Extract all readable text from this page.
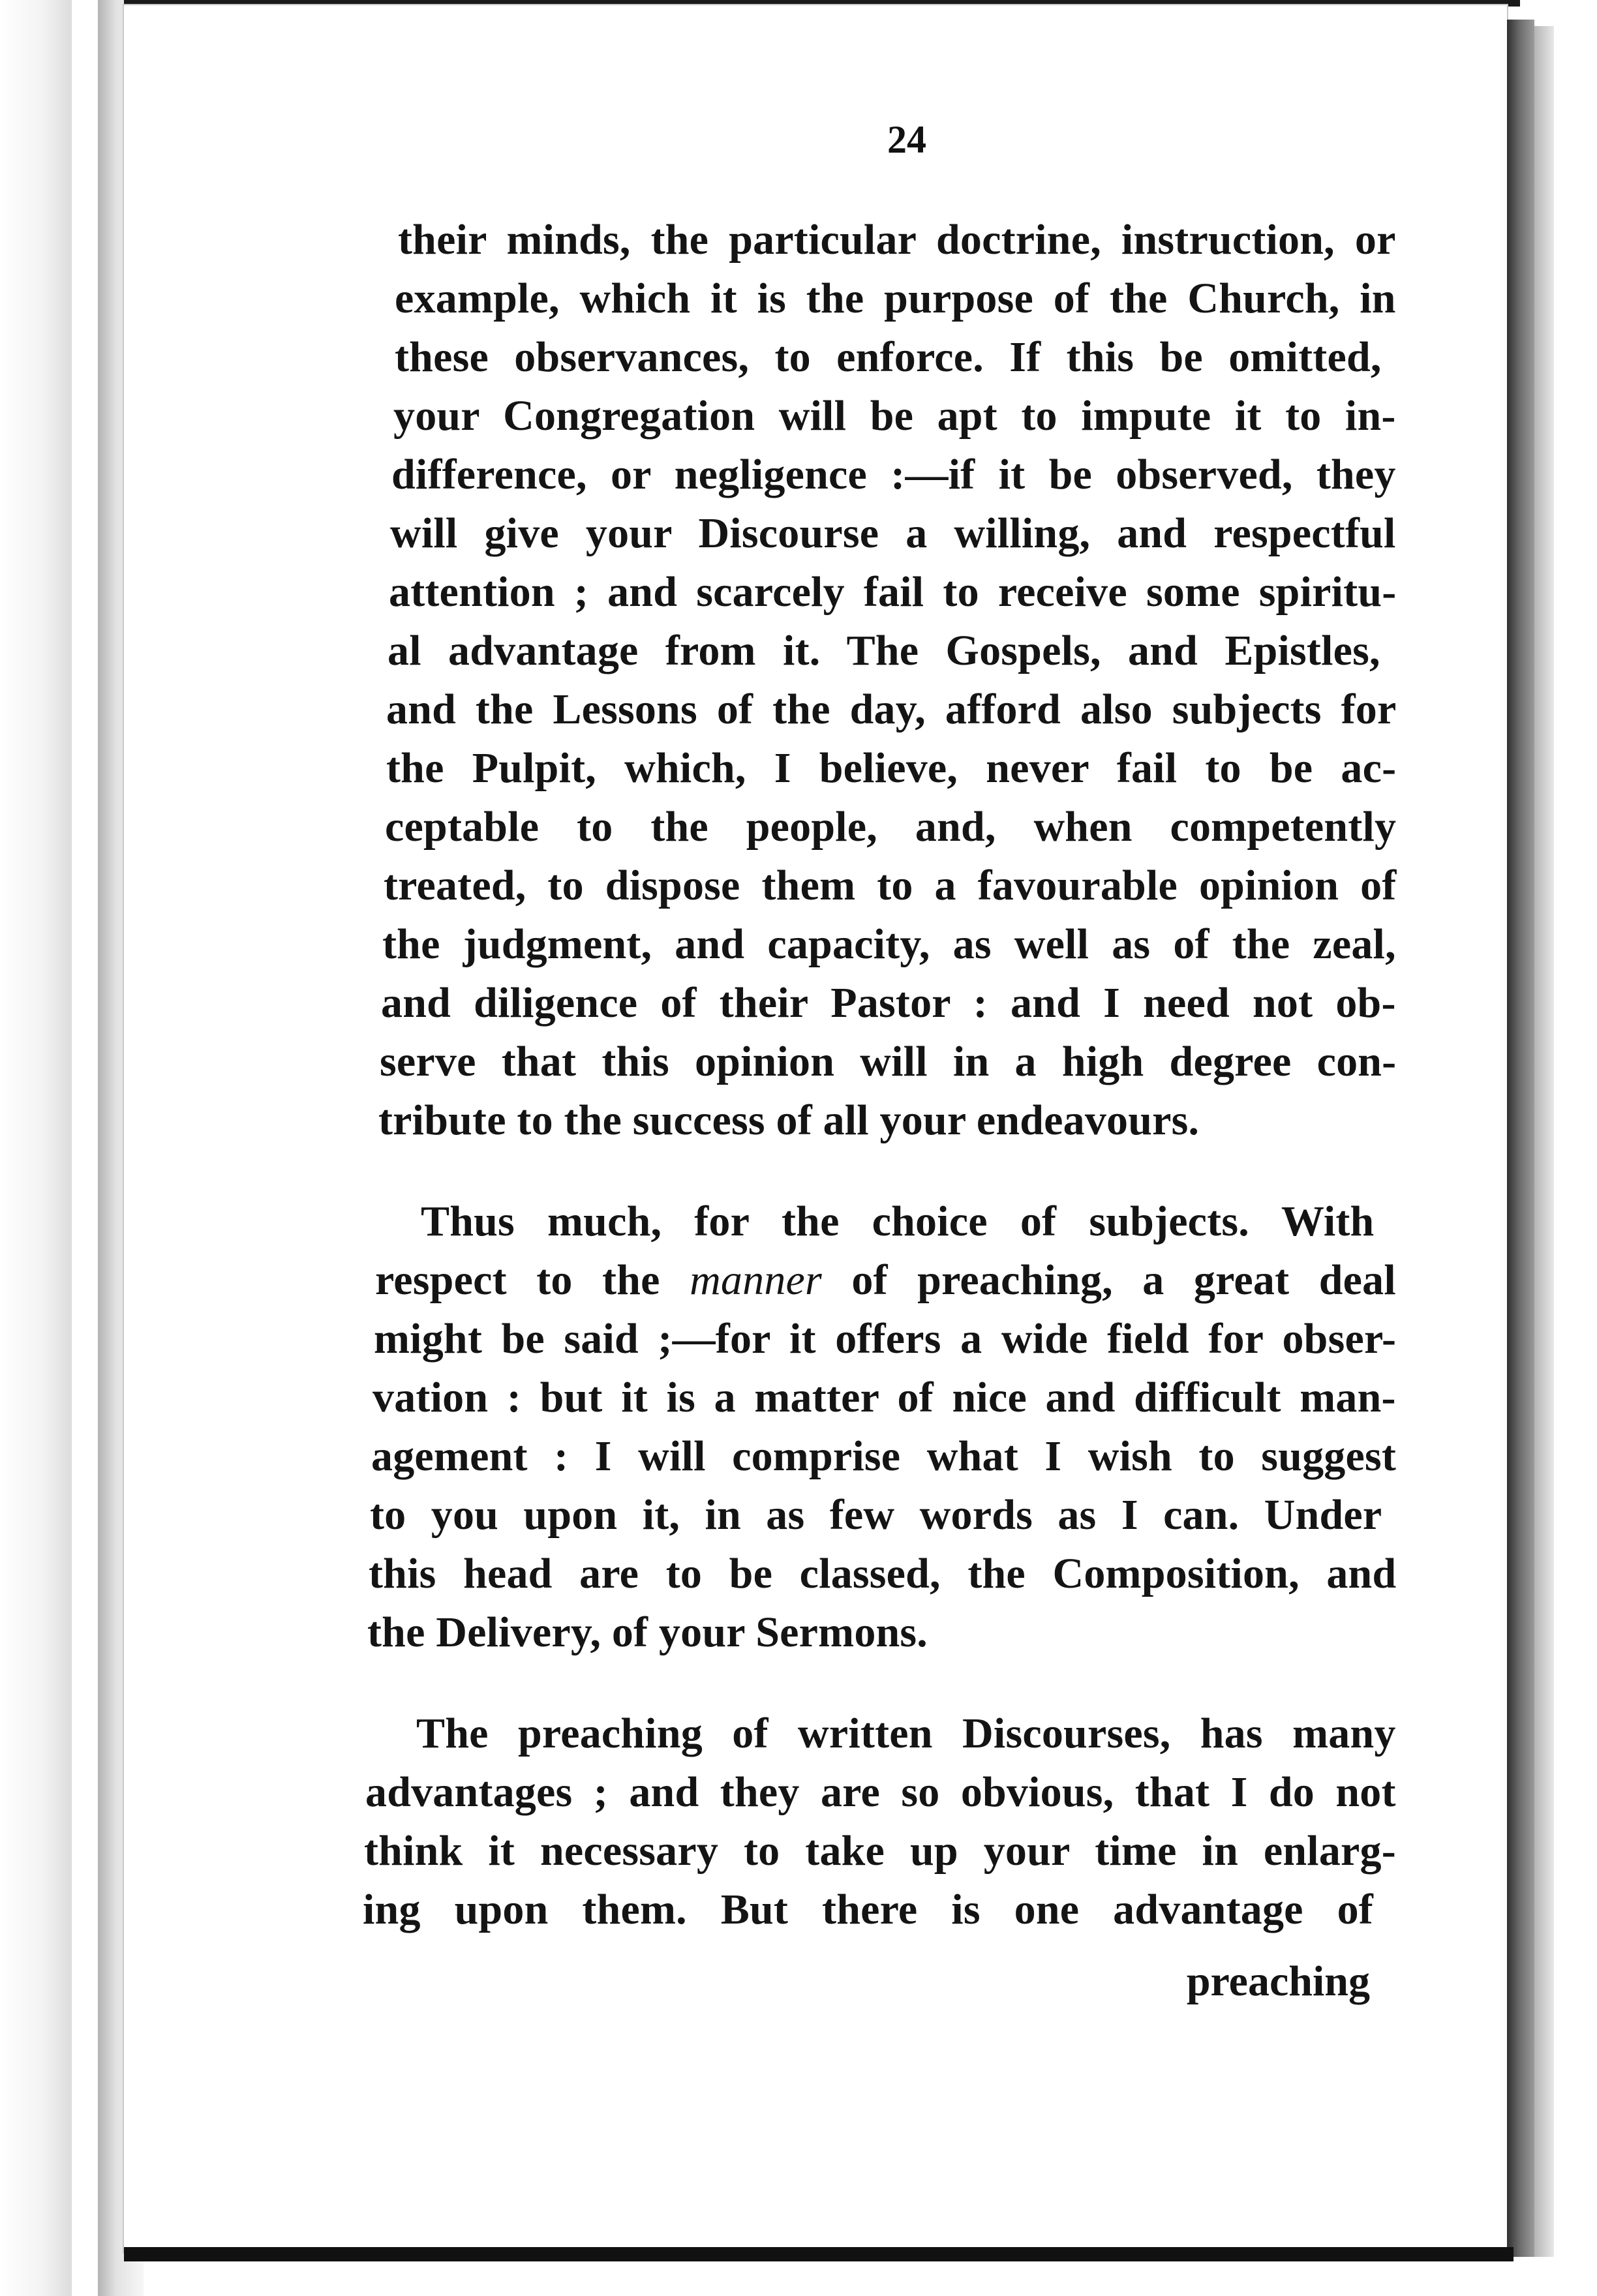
24
their minds, the particular doctrine, instruction, or
example, which it is the purpose of the Church, in
these observances, to enforce. If this be omitted,
your Congregation will be apt to impute it to in-
difference, or negligence :—if it be observed, they
will give your Discourse a willing, and respectful
attention ; and scarcely fail to receive some spiritu-
al advantage from it. The Gospels, and Epistles,
and the Lessons of the day, afford also subjects for
the Pulpit, which, I believe, never fail to be ac-
ceptable to the people, and, when competently
treated, to dispose them to a favourable opinion of
the judgment, and capacity, as well as of the zeal,
and diligence of their Pastor : and I need not ob-
serve that this opinion will in a high degree con-
tribute to the success of all your endeavours.
Thus much, for the choice of subjects. With
respect to the manner of preaching, a great deal
might be said ;—for it offers a wide field for obser-
vation : but it is a matter of nice and difficult man-
agement : I will comprise what I wish to suggest
to you upon it, in as few words as I can. Under
this head are to be classed, the Composition, and
the Delivery, of your Sermons.
The preaching of written Discourses, has many
advantages ; and they are so obvious, that I do not
think it necessary to take up your time in enlarg-
ing upon them. But there is one advantage of
preaching
